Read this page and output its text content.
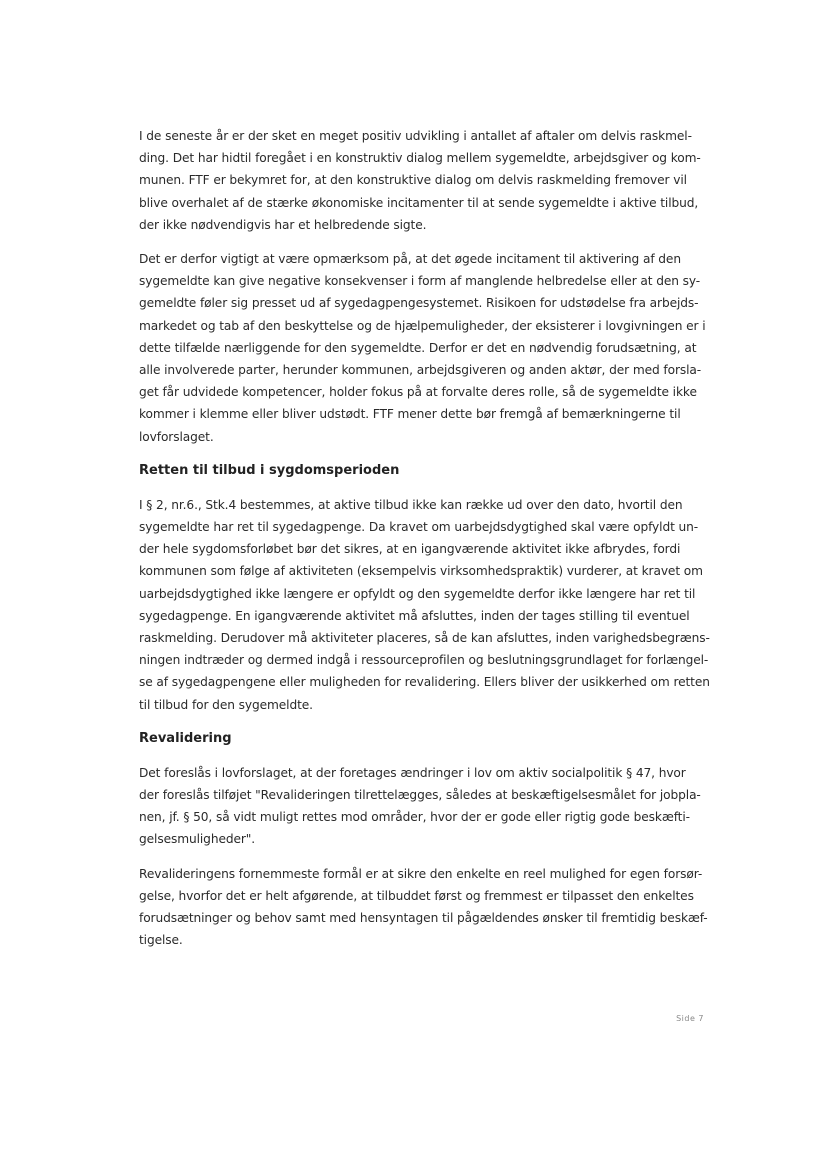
I de seneste år er der sket en meget positiv udvikling i antallet af aftaler om delvis raskmel-
ding. Det har hidtil foregået i en konstruktiv dialog mellem sygemeldte, arbejdsgiver og kom-
munen. FTF er bekymret for, at den konstruktive dialog om delvis raskmelding fremover vil
blive overhalet af de stærke økonomiske incitamenter til at sende sygemeldte i aktive tilbud,
der ikke nødvendigvis har et helbredende sigte.

Det er derfor vigtigt at være opmærksom på, at det øgede incitament til aktivering af den
sygemeldte kan give negative konsekvenser i form af manglende helbredelse eller at den sy-
gemeldte føler sig presset ud af sygedagpengesystemet. Risikoen for udstødelse fra arbejds-
markedet og tab af den beskyttelse og de hjælpemuligheder, der eksisterer i lovgivningen er i
dette tilfælde nærliggende for den sygemeldte. Derfor er det en nødvendig forudsætning, at
alle involverede parter, herunder kommunen, arbejdsgiveren og anden aktør, der med forsla-
get får udvidede kompetencer, holder fokus på at forvalte deres rolle, så de sygemeldte ikke
kommer i klemme eller bliver udstødt. FTF mener dette bør fremgå af bemærkningerne til
lovforslaget.

Retten til tilbud i sygdomsperioden

I § 2, nr.6., Stk.4 bestemmes, at aktive tilbud ikke kan række ud over den dato, hvortil den
sygemeldte har ret til sygedagpenge. Da kravet om uarbejdsdygtighed skal være opfyldt un-
der hele sygdomsforløbet bør det sikres, at en igangværende aktivitet ikke afbrydes, fordi
kommunen som følge af aktiviteten (eksempelvis virksomhedspraktik) vurderer, at kravet om
uarbejdsdygtighed ikke længere er opfyldt og den sygemeldte derfor ikke længere har ret til
sygedagpenge. En igangværende aktivitet må afsluttes, inden der tages stilling til eventuel
raskmelding. Derudover må aktiviteter placeres, så de kan afsluttes, inden varighedsbegræns-
ningen indtræder og dermed indgå i ressourceprofilen og beslutningsgrundlaget for forlængel-
se af sygedagpengene eller muligheden for revalidering. Ellers bliver der usikkerhed om retten
til tilbud for den sygemeldte.

Revalidering

Det foreslås i lovforslaget, at der foretages ændringer i lov om aktiv socialpolitik § 47, hvor
der foreslås tilføjet "Revalideringen tilrettelægges, således at beskæftigelsesmålet for jobpla-
nen, jf. § 50, så vidt muligt rettes mod områder, hvor der er gode eller rigtig gode beskæfti-
gelsesmuligheder".

Revalideringens fornemmeste formål er at sikre den enkelte en reel mulighed for egen forsør-
gelse, hvorfor det er helt afgørende, at tilbuddet først og fremmest er tilpasset den enkeltes
forudsætninger og behov samt med hensyntagen til pågældendes ønsker til fremtidig beskæf-
tigelse.

Side 7
